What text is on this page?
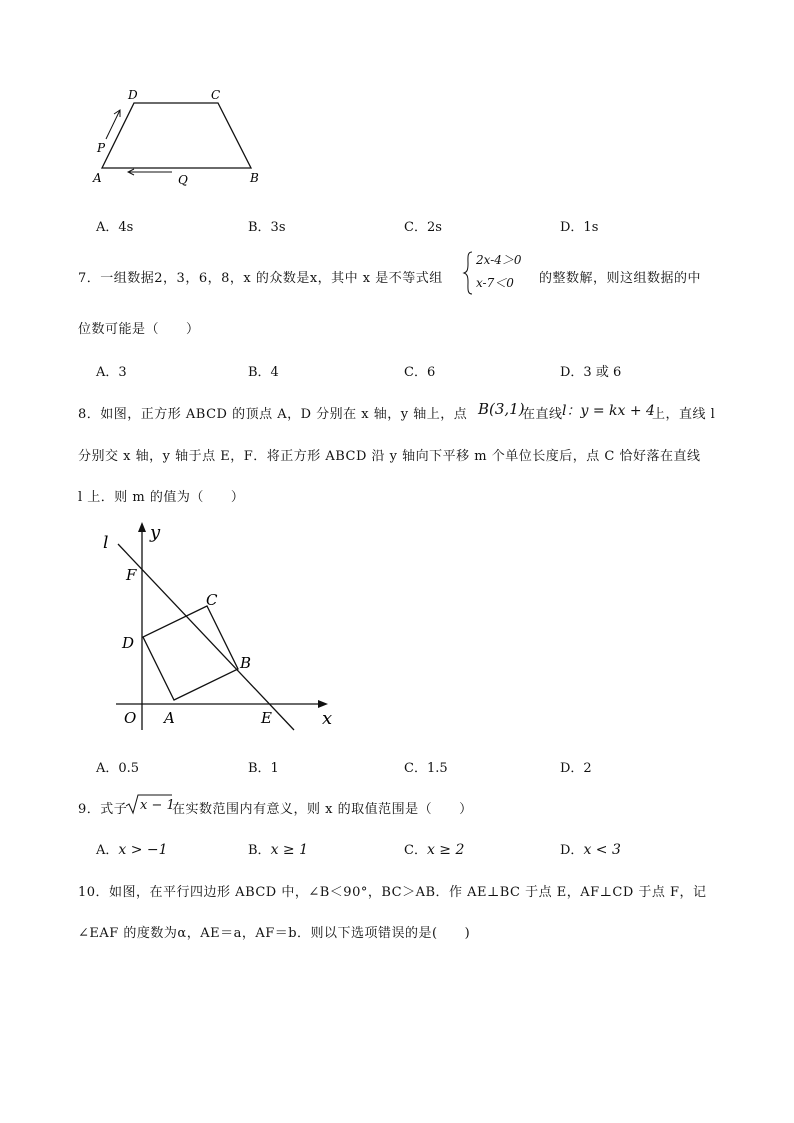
D	C
P
A	Q	B
A．4s	B．3s	C．2s	D．1s
7．一组数据2，3，6，8，x 的众数是x，其中 x 是不等式组
2x-4＞0
x-7＜0 的整数解，则这组数据的中
位数可能是（　　）
A．3	B．4	C．6	D．3 或 6
8．如图，正方形 ABCD 的顶点 A，D 分别在 x 轴，y 轴上，点 B(3,1)
在直线 l：y = kx + 4
上，直线 l
分别交 x 轴，y 轴于点 E，F．将正方形 ABCD 沿 y 轴向下平移 m 个单位长度后，点 C 恰好落在直线
l 上．则 m 的值为（　　）
l y
F
C
D
B
O A	E	x
A．0.5	B．1	C．1.5	D．2
9．式子 x − 1
在实数范围内有意义，则 x 的取值范围是（　　）
A．x > −1	B．x ≥ 1	C．x ≥ 2	D．x < 3
10．如图，在平行四边形 ABCD 中，∠B＜90°，BC＞AB．作 AE⊥BC 于点 E，AF⊥CD 于点 F，记
∠EAF 的度数为α，AE＝a，AF＝b．则以下选项错误的是(　　)
